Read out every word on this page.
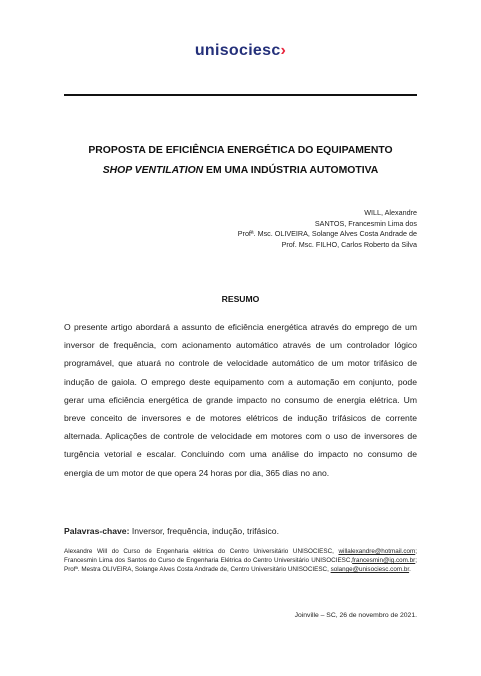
unisociesc›
PROPOSTA DE EFICIÊNCIA ENERGÉTICA DO EQUIPAMENTO
SHOP VENTILATION EM UMA INDÚSTRIA AUTOMOTIVA
WILL, Alexandre
SANTOS, Francesmin Lima dos
Profª. Msc. OLIVEIRA, Solange Alves Costa Andrade de
Prof. Msc. FILHO, Carlos Roberto da Silva
RESUMO
O presente artigo abordará a assunto de eficiência energética através do emprego de um inversor de frequência, com acionamento automático através de um controlador lógico programável, que atuará no controle de velocidade automático de um motor trifásico de indução de gaiola. O emprego deste equipamento com a automação em conjunto, pode gerar uma eficiência energética de grande impacto no consumo de energia elétrica. Um breve conceito de inversores e de motores elétricos de indução trifásicos de corrente alternada. Aplicações de controle de velocidade em motores com o uso de inversores de turgência vetorial e escalar. Concluindo com uma análise do impacto no consumo de energia de um motor de que opera 24 horas por dia, 365 dias no ano.
Palavras-chave: Inversor, frequência, indução, trifásico.
Alexandre Will do Curso de Engenharia elétrica do Centro Universitário UNISOCIESC, willalexandre@hotmail.com; Francesmin Lima dos Santos do Curso de Engenharia Elétrica do Centro Universitário UNISOCIESC,francesmin@ig.com.br; Profª. Mestra OLIVEIRA, Solange Alves Costa Andrade de, Centro Universitário UNISOCIESC, solange@unisociesc.com.br.
Joinville – SC, 26 de novembro de 2021.
